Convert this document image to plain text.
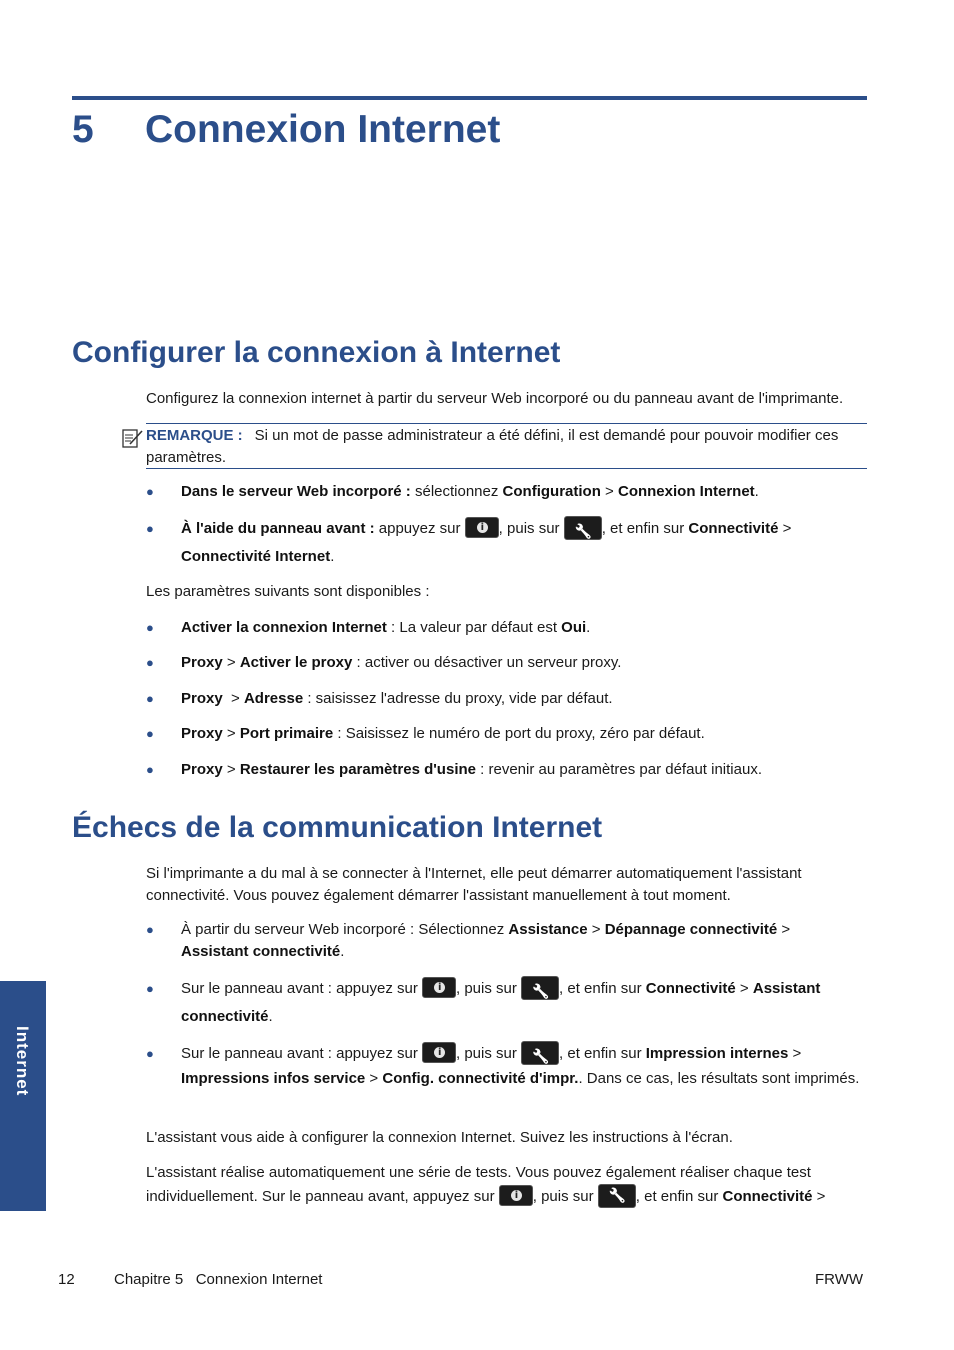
5	Connexion Internet
Configurer la connexion à Internet
Configurez la connexion internet à partir du serveur Web incorporé ou du panneau avant de l'imprimante.
REMARQUE : Si un mot de passe administrateur a été défini, il est demandé pour pouvoir modifier ces paramètres.
● Dans le serveur Web incorporé : sélectionnez Configuration > Connexion Internet.
● À l'aide du panneau avant : appuyez sur i, puis sur 🔧	, et enfin sur Connectivité >
Connectivité Internet.
Les paramètres suivants sont disponibles :
● Activer la connexion Internet : La valeur par défaut est Oui.
● Proxy > Activer le proxy : activer ou désactiver un serveur proxy.
● Proxy  > Adresse : saisissez l'adresse du proxy, vide par défaut.
● Proxy > Port primaire : Saisissez le numéro de port du proxy, zéro par défaut.
● Proxy > Restaurer les paramètres d'usine : revenir au paramètres par défaut initiaux.
Échecs de la communication Internet
Si l'imprimante a du mal à se connecter à l'Internet, elle peut démarrer automatiquement l'assistant connectivité. Vous pouvez également démarrer l'assistant manuellement à tout moment.
● À partir du serveur Web incorporé : Sélectionnez Assistance > Dépannage connectivité >
Assistant connectivité.
● Sur le panneau avant : appuyez sur i, puis sur 🔧	, et enfin sur Connectivité > Assistant
connectivité.
● Sur le panneau avant : appuyez sur i, puis sur 🔧	, et enfin sur Impression internes >
Impressions infos service > Config. connectivité d'impr.. Dans ce cas, les résultats sont imprimés.
L'assistant vous aide à configurer la connexion Internet. Suivez les instructions à l'écran.
L'assistant réalise automatiquement une série de tests. Vous pouvez également réaliser chaque test individuellement. Sur le panneau avant, appuyez sur i, puis sur 🔧	, et enfin sur Connectivité >
Internet
12	Chapitre 5   Connexion Internet	FRWW
